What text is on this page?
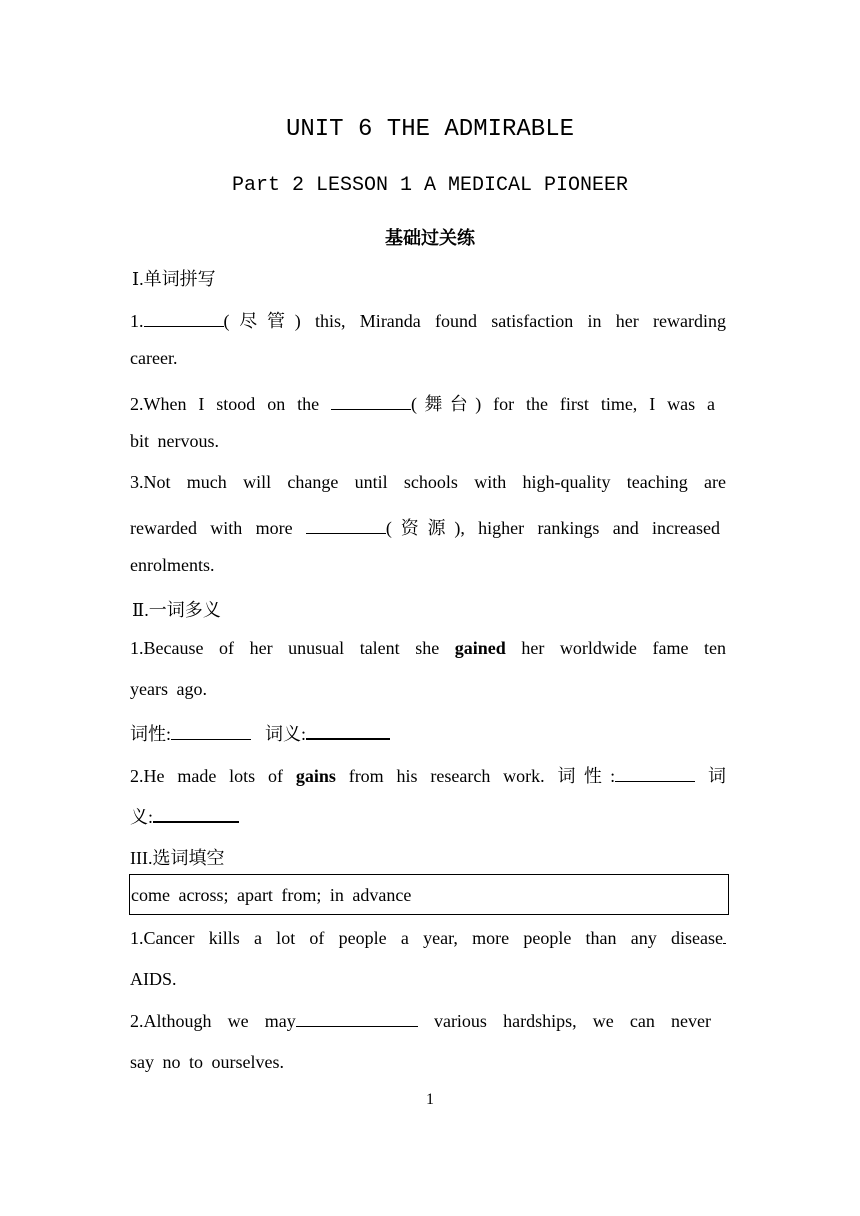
UNIT 6 THE ADMIRABLE
Part 2 LESSON 1 A MEDICAL PIONEER
基础过关练
Ⅰ.单词拼写
1.	(尽管) this, Miranda found satisfaction in her rewarding
career.
2.When I stood on the	(舞台) for the first time, I was a
bit nervous.
3.Not much will change until schools with high-quality teaching are
rewarded with more	(资源), higher rankings and increased
enrolments.
Ⅱ.一词多义
1.Because of her unusual talent she gained her worldwide fame ten
years ago.
词性:	词义:
2.He made lots of gains from his research work. 词性:	词
义:
III.选词填空
come across; apart from; in advance
1.Cancer kills a lot of people a year, more people than any disease
AIDS.
2.Although we may	various hardships, we can never
say no to ourselves.
1
